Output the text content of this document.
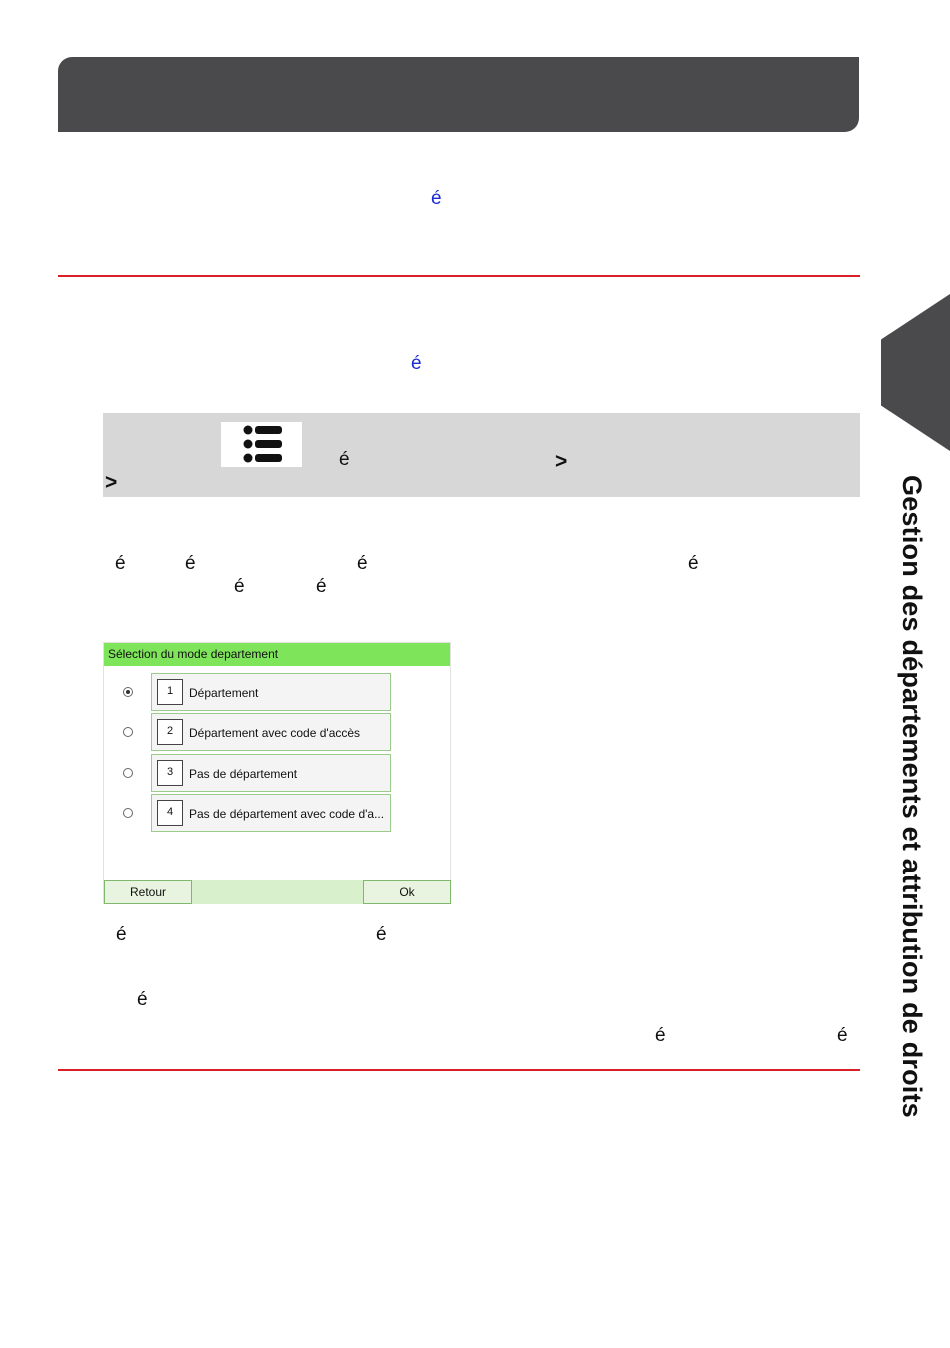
é
é
é	>
>
é	é	é	é
é	é
Sélection du mode departement
1	Département
2	Département avec code d'accès
3	Pas de département
4	Pas de département avec code d'a...
Retour	Ok
é	é
é
é	é Gestion des départements et attribution de droits
